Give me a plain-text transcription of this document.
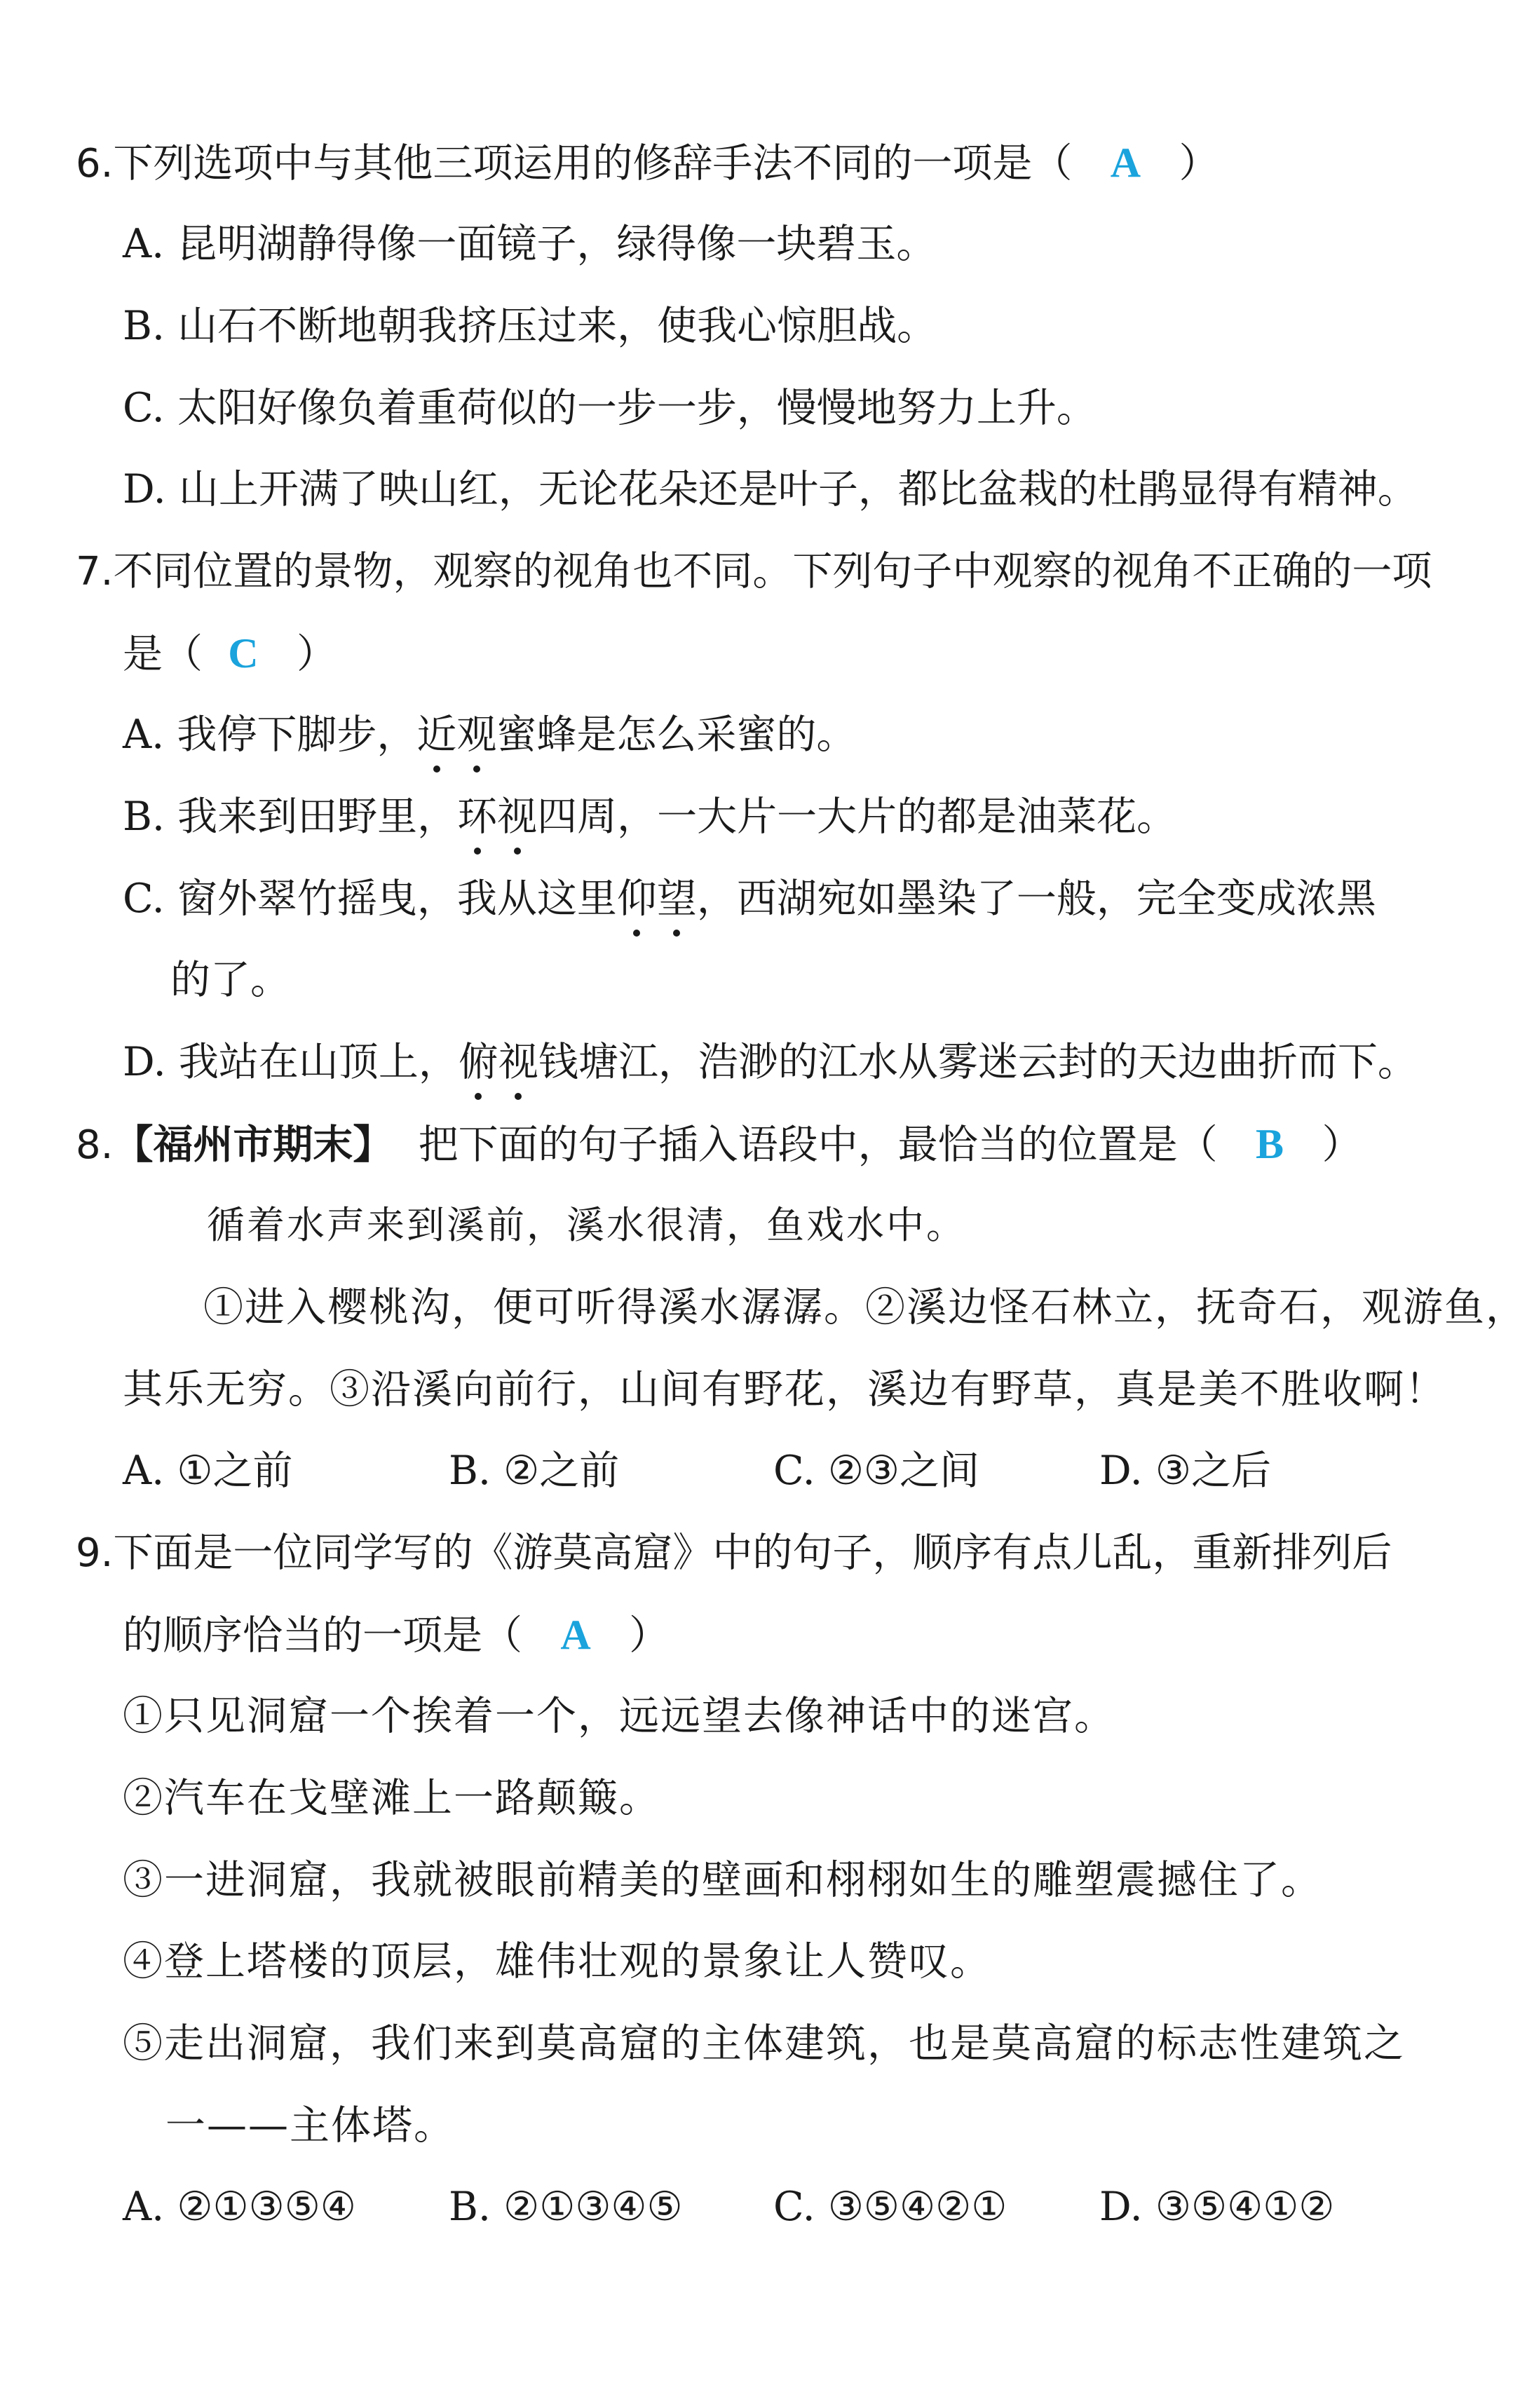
6.下列选项中与其他三项运用的修辞手法不同的一项是（ A ）
A. 昆明湖静得像一面镜子，绿得像一块碧玉。
B. 山石不断地朝我挤压过来，使我心惊胆战。
C. 太阳好像负着重荷似的一步一步，慢慢地努力上升。
D. 山上开满了映山红，无论花朵还是叶子，都比盆栽的杜鹃显得有精神。
7.不同位置的景物，观察的视角也不同。下列句子中观察的视角不正确的一项
是（ C ）
A. 我停下脚步，近观蜜蜂是怎么采蜜的。
B. 我来到田野里，环视四周，一大片一大片的都是油菜花。
C. 窗外翠竹摇曳，我从这里仰望，西湖宛如墨染了一般，完全变成浓黑
的了。
D. 我站在山顶上，俯视钱塘江，浩渺的江水从雾迷云封的天边曲折而下。
8.【福州市期末】 把下面的句子插入语段中，最恰当的位置是（ B ）
循着水声来到溪前，溪水很清，鱼戏水中。
①进入樱桃沟，便可听得溪水潺潺。②溪边怪石林立，抚奇石，观游鱼，
其乐无穷。③沿溪向前行，山间有野花，溪边有野草，真是美不胜收啊！
A. ①之前	B. ②之前	C. ②③之间	D. ③之后
9.下面是一位同学写的《游莫高窟》中的句子，顺序有点儿乱，重新排列后
的顺序恰当的一项是（ A ）
①只见洞窟一个挨着一个，远远望去像神话中的迷宫。
②汽车在戈壁滩上一路颠簸。
③一进洞窟，我就被眼前精美的壁画和栩栩如生的雕塑震撼住了。
④登上塔楼的顶层，雄伟壮观的景象让人赞叹。
⑤走出洞窟，我们来到莫高窟的主体建筑，也是莫高窟的标志性建筑之
一——主体塔。
A. ②①③⑤④ B. ②①③④⑤ C. ③⑤④②① D. ③⑤④①②
